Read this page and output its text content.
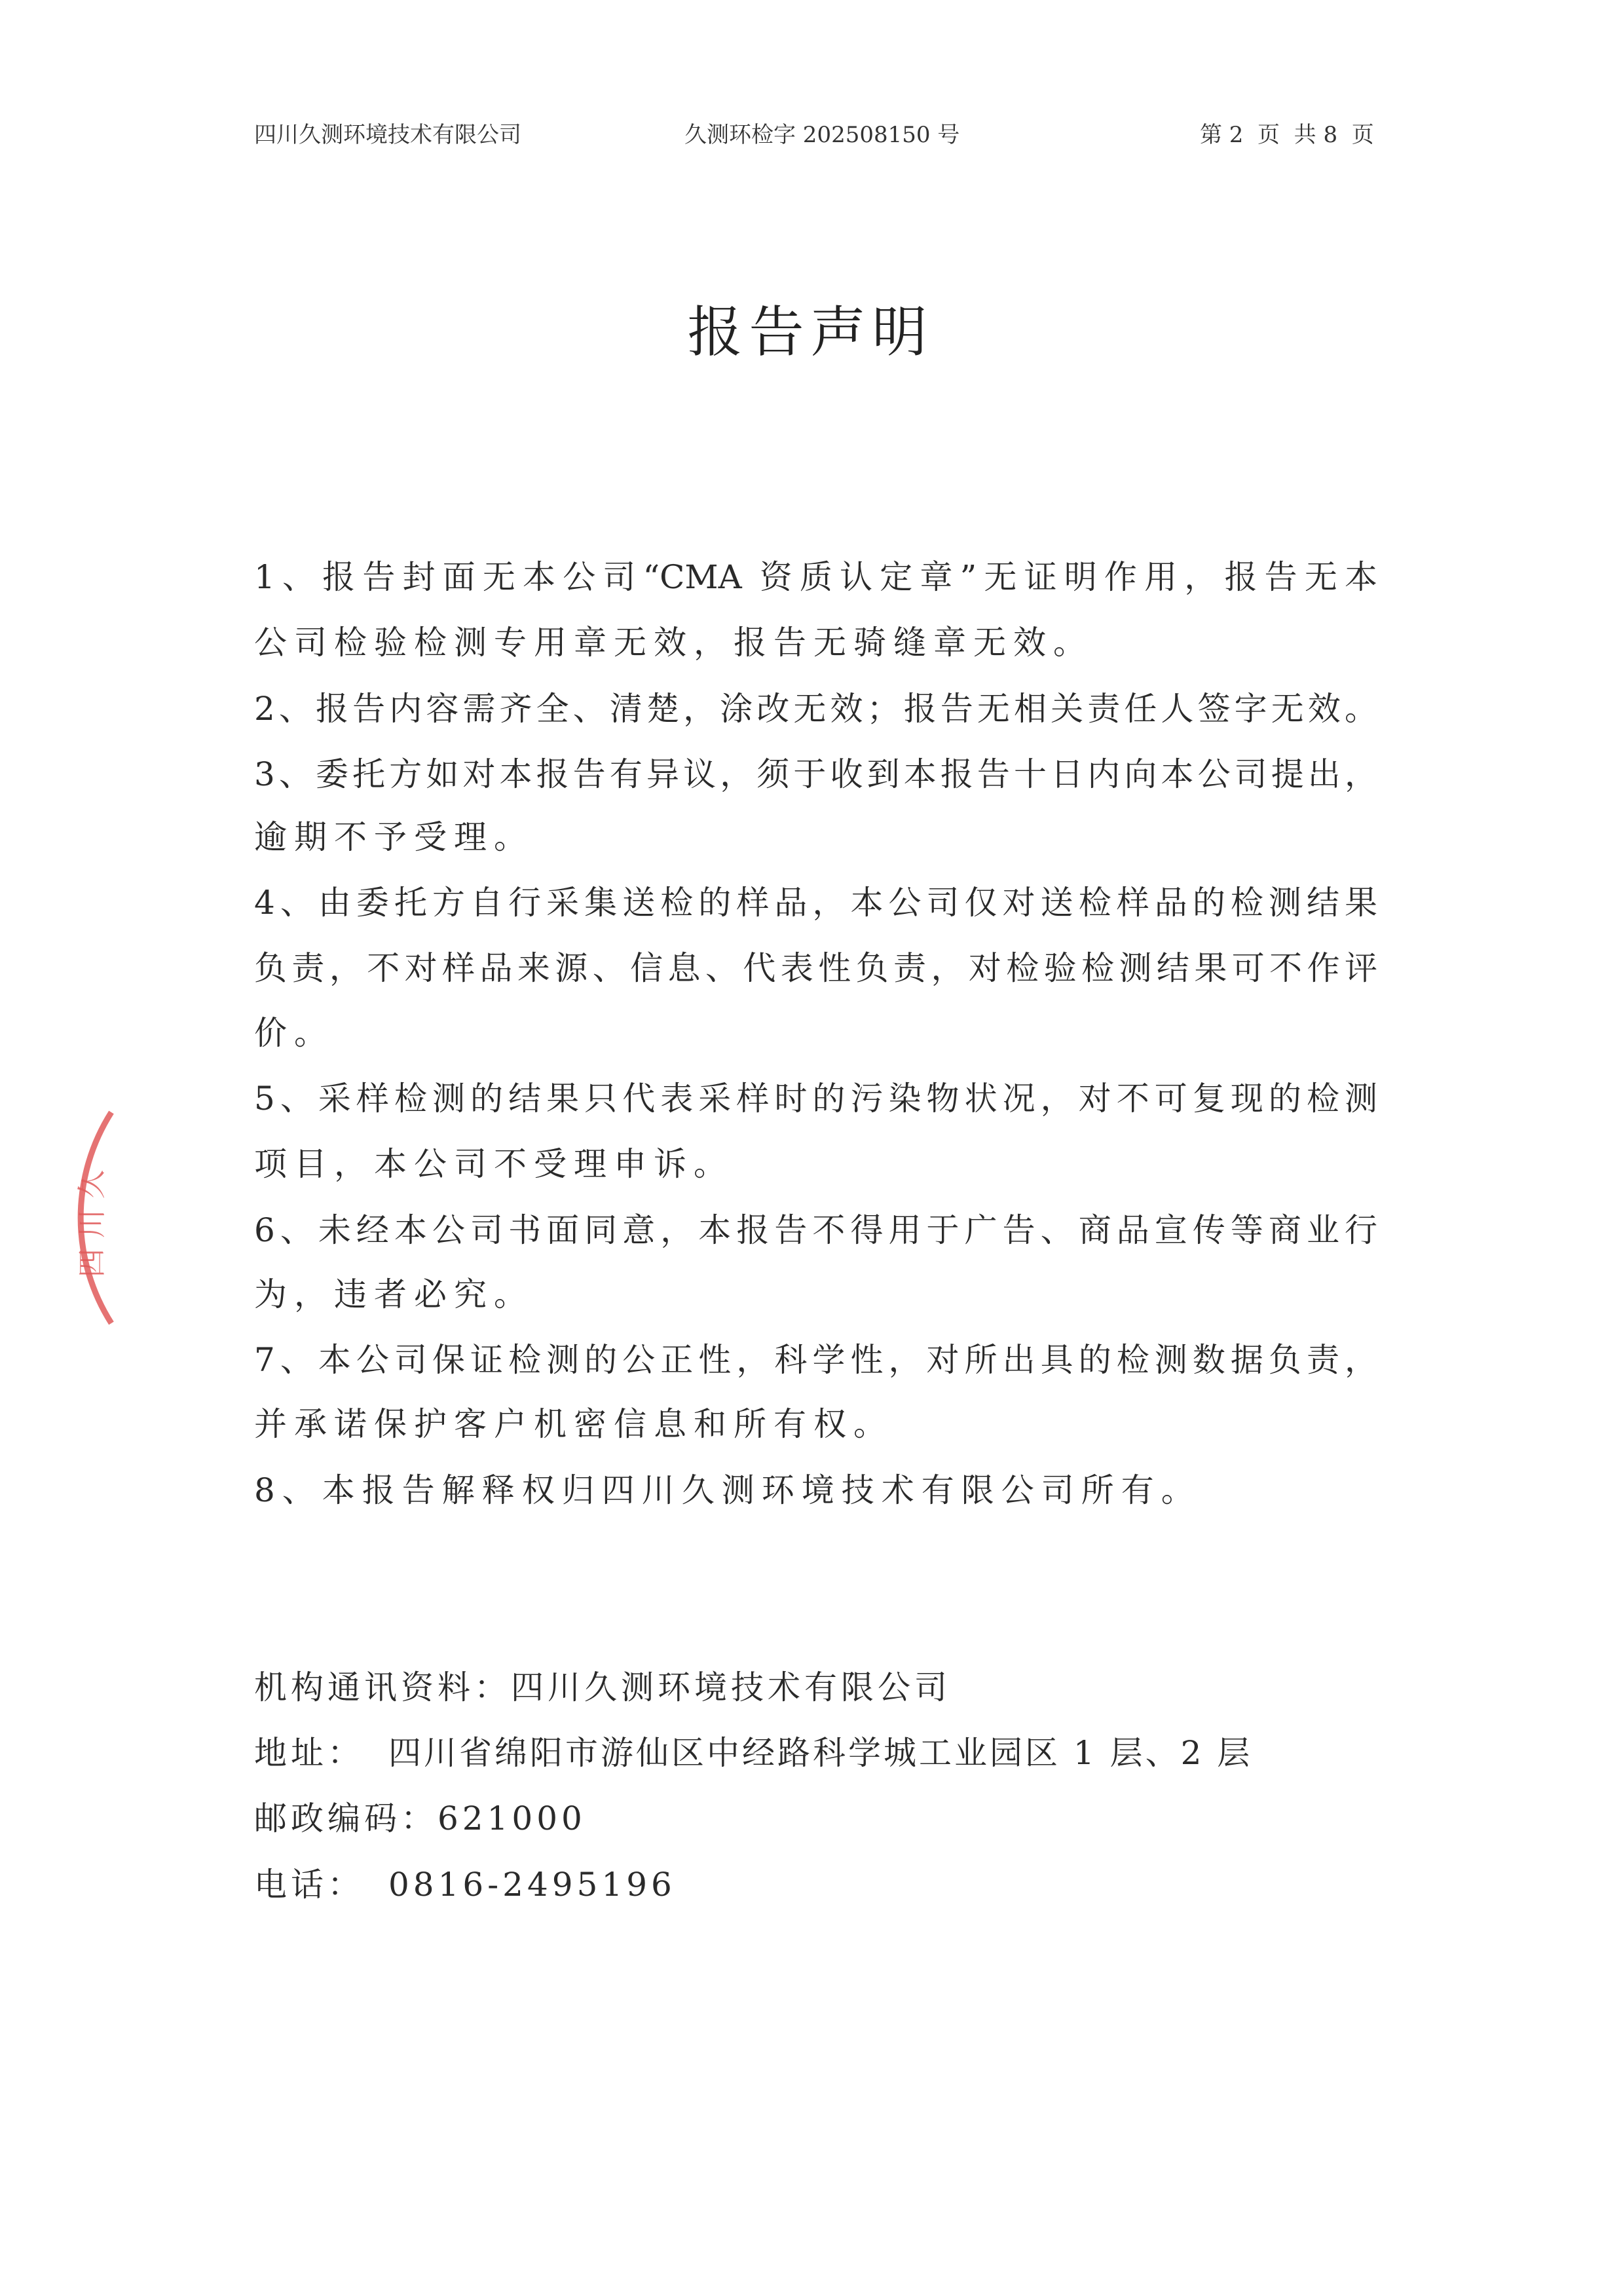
四川久测环境技术有限公司	久测环检字 202508150 号	第 2  页  共 8  页
报告声明
1、报告封面无本公司“CMA 资质认定章”无证明作用，报告无本
公司检验检测专用章无效，报告无骑缝章无效。
2、报告内容需齐全、清楚，涂改无效；报告无相关责任人签字无效。
3、委托方如对本报告有异议，须于收到本报告十日内向本公司提出，
逾期不予受理。
4、由委托方自行采集送检的样品，本公司仅对送检样品的检测结果
负责，不对样品来源、信息、代表性负责，对检验检测结果可不作评
价。
5、采样检测的结果只代表采样时的污染物状况，对不可复现的检测
项目，本公司不受理申诉。
6、未经本公司书面同意，本报告不得用于广告、商品宣传等商业行
为，违者必究。
7、本公司保证检测的公正性，科学性，对所出具的检测数据负责，
并承诺保护客户机密信息和所有权。
8、本报告解释权归四川久测环境技术有限公司所有。
机构通讯资料：四川久测环境技术有限公司
地址： 四川省绵阳市游仙区中经路科学城工业园区 1 层、2 层
邮政编码：621000
电话： 0816-2495196
四
川
久
